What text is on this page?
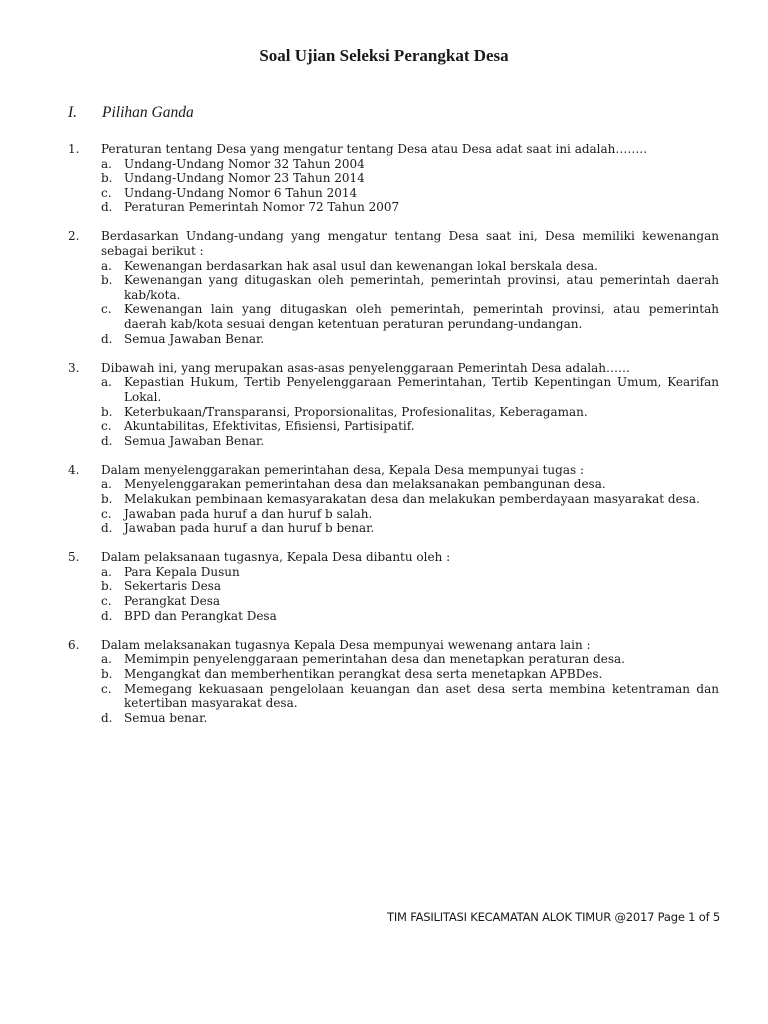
Soal Ujian Seleksi Perangkat Desa
I. Pilihan Ganda
1.	Peraturan tentang Desa yang mengatur tentang Desa atau Desa adat saat ini adalah……..
a.	Undang-Undang Nomor 32 Tahun 2004
b. Undang-Undang Nomor 23 Tahun 2014
c.	Undang-Undang Nomor 6 Tahun 2014
d. Peraturan Pemerintah Nomor 72 Tahun 2007
2.	Berdasarkan Undang-undang yang mengatur tentang Desa saat ini, Desa memiliki kewenangan sebagai berikut :
a.	Kewenangan berdasarkan hak asal usul dan kewenangan lokal berskala desa.
b. Kewenangan yang ditugaskan oleh pemerintah, pemerintah provinsi, atau pemerintah daerah kab/kota.
c.	Kewenangan lain yang ditugaskan oleh pemerintah, pemerintah provinsi, atau pemerintah daerah kab/kota sesuai dengan ketentuan peraturan perundang-undangan.
d. Semua Jawaban Benar.
3.	Dibawah ini, yang merupakan asas-asas penyelenggaraan Pemerintah Desa adalah……
a.	Kepastian Hukum, Tertib Penyelenggaraan Pemerintahan, Tertib Kepentingan Umum, Kearifan Lokal.
b. Keterbukaan/Transparansi, Proporsionalitas, Profesionalitas, Keberagaman.
c.	Akuntabilitas, Efektivitas, Efisiensi, Partisipatif.
d. Semua Jawaban Benar.
4.	Dalam menyelenggarakan pemerintahan desa, Kepala Desa mempunyai tugas :
a.	Menyelenggarakan pemerintahan desa dan melaksanakan pembangunan desa.
b. Melakukan pembinaan kemasyarakatan desa dan melakukan pemberdayaan masyarakat desa.
c.	Jawaban pada huruf a dan huruf b salah.
d. Jawaban pada huruf a dan huruf b benar.
5.	Dalam pelaksanaan tugasnya, Kepala Desa dibantu oleh :
a.	Para Kepala Dusun
b. Sekertaris Desa
c.	Perangkat Desa
d. BPD dan Perangkat Desa
6.	Dalam melaksanakan tugasnya Kepala Desa mempunyai wewenang antara lain :
a.	Memimpin penyelenggaraan pemerintahan desa dan menetapkan peraturan desa.
b. Mengangkat dan memberhentikan perangkat desa serta menetapkan APBDes.
c.	Memegang kekuasaan pengelolaan keuangan dan aset desa serta membina ketentraman dan ketertiban masyarakat desa.
d. Semua benar.
TIM FASILITASI KECAMATAN ALOK TIMUR @2017 Page 1 of 5
